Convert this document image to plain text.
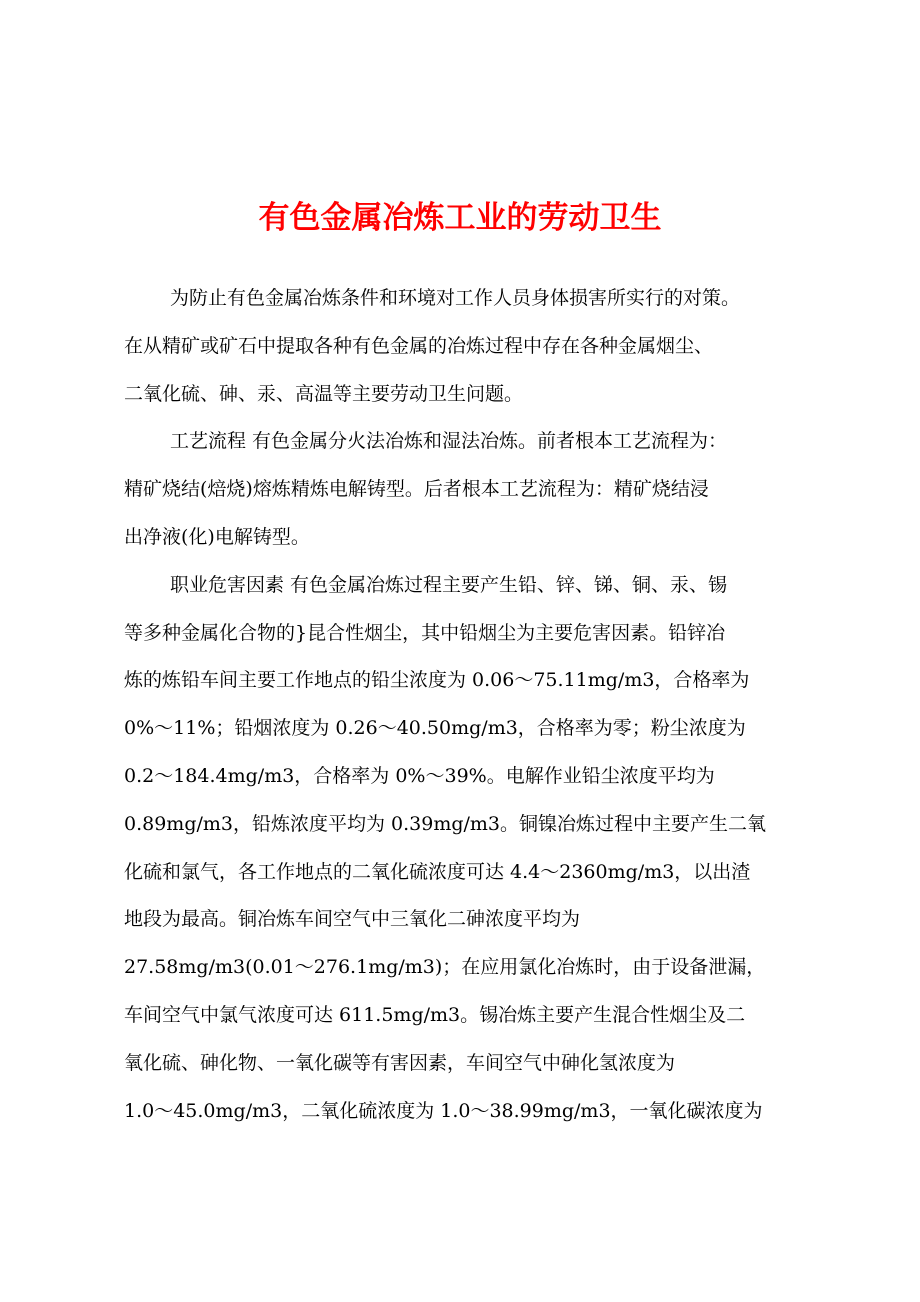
有色金属冶炼工业的劳动卫生
为防止有色金属冶炼条件和环境对工作人员身体损害所实行的对策。
在从精矿或矿石中提取各种有色金属的冶炼过程中存在各种金属烟尘、
二氧化硫、砷、汞、高温等主要劳动卫生问题。
工艺流程 有色金属分火法冶炼和湿法冶炼。前者根本工艺流程为：
精矿烧结(焙烧)熔炼精炼电解铸型。后者根本工艺流程为：精矿烧结浸
出净液(化)电解铸型。
职业危害因素 有色金属冶炼过程主要产生铅、锌、锑、铜、汞、锡
等多种金属化合物的}昆合性烟尘，其中铅烟尘为主要危害因素。铅锌冶
炼的炼铅车间主要工作地点的铅尘浓度为 0.06～75.11mg/m3，合格率为
0%～11%；铅烟浓度为 0.26～40.50mg/m3，合格率为零；粉尘浓度为
0.2～184.4mg/m3，合格率为 0%～39%。电解作业铅尘浓度平均为
0.89mg/m3，铅炼浓度平均为 0.39mg/m3。铜镍冶炼过程中主要产生二氧
化硫和氯气，各工作地点的二氧化硫浓度可达 4.4～2360mg/m3，以出渣
地段为最高。铜冶炼车间空气中三氧化二砷浓度平均为
27.58mg/m3(0.01～276.1mg/m3)；在应用氯化冶炼时，由于设备泄漏，
车间空气中氯气浓度可达 611.5mg/m3。锡冶炼主要产生混合性烟尘及二
氧化硫、砷化物、一氧化碳等有害因素，车间空气中砷化氢浓度为
1.0～45.0mg/m3，二氧化硫浓度为 1.0～38.99mg/m3，一氧化碳浓度为
